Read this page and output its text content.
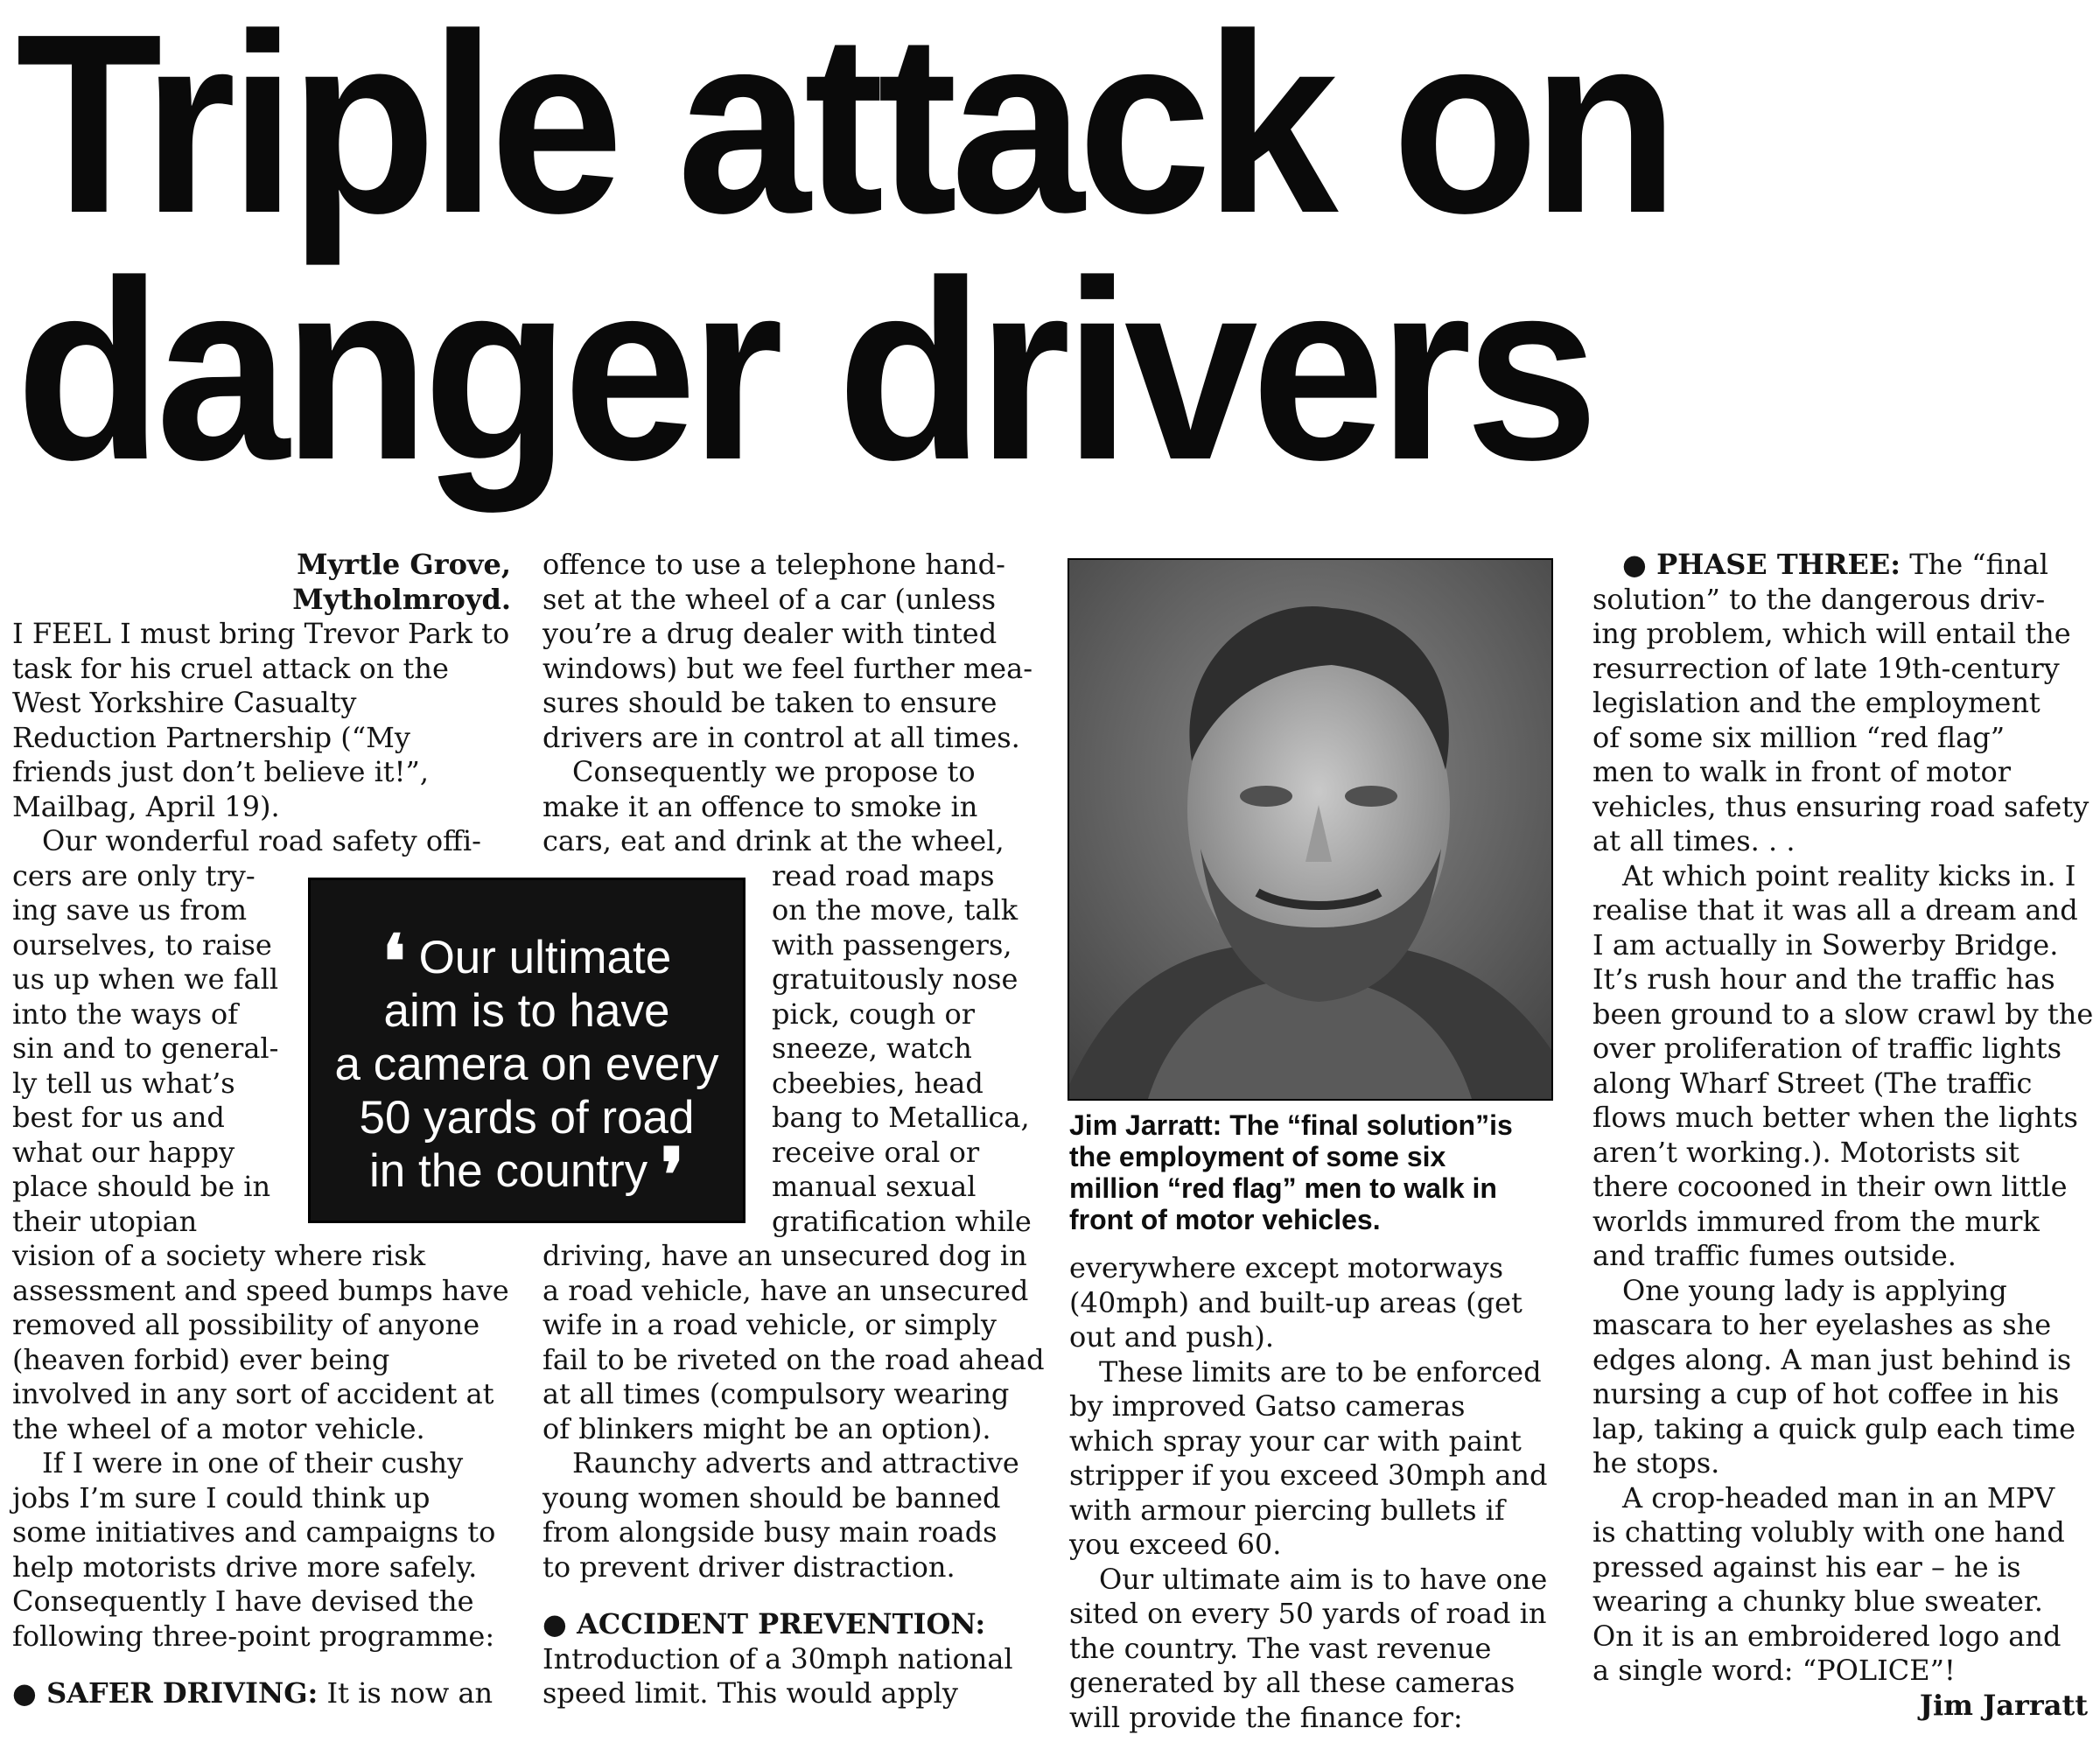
Triple attack on
danger drivers

Myrtle Grove,

Mytholmroyd.

I FEEL I must bring Trevor Park to

task for his cruel attack on the

West Yorkshire Casualty

Reduction Partnership (“My

friends just don’t believe it!”,

Mailbag, April 19).

Our wonderful road safety offi-

cers are only try-

ing save us from

ourselves, to raise

us up when we fall

into the ways of

sin and to general-

ly tell us what’s

best for us and

what our happy

place should be in

their utopian

vision of a society where risk

assessment and speed bumps have

removed all possibility of anyone

(heaven forbid) ever being

involved in any sort of accident at

the wheel of a motor vehicle.

If I were in one of their cushy

jobs I’m sure I could think up

some initiatives and campaigns to

help motorists drive more safely.

Consequently I have devised the

following three-point programme:

● SAFER DRIVING: It is now an

offence to use a telephone hand-

set at the wheel of a car (unless

you’re a drug dealer with tinted

windows) but we feel further mea-

sures should be taken to ensure

drivers are in control at all times.

Consequently we propose to

make it an offence to smoke in

cars, eat and drink at the wheel,

read road maps

on the move, talk

with passengers,

gratuitously nose

pick, cough or

sneeze, watch

cbeebies, head

bang to Metallica,

receive oral or

manual sexual

gratification while

driving, have an unsecured dog in

a road vehicle, have an unsecured

wife in a road vehicle, or simply

fail to be riveted on the road ahead

at all times (compulsory wearing

of blinkers might be an option).

Raunchy adverts and attractive

young women should be banned

from alongside busy main roads

to prevent driver distraction.

● ACCIDENT PREVENTION:

Introduction of a 30mph national

speed limit. This would apply

❛ Our ultimate

aim is to have

a camera on every

50 yards of road

in the country ❜

Jim Jarratt: The “final solution”is

the employment of some six

million “red flag” men to walk in

front of motor vehicles.

everywhere except motorways

(40mph) and built-up areas (get

out and push).

These limits are to be enforced

by improved Gatso cameras

which spray your car with paint

stripper if you exceed 30mph and

with armour piercing bullets if

you exceed 60.

Our ultimate aim is to have one

sited on every 50 yards of road in

the country. The vast revenue

generated by all these cameras

will provide the finance for:

● PHASE THREE: The “final

solution” to the dangerous driv-

ing problem, which will entail the

resurrection of late 19th-century

legislation and the employment

of some six million “red flag”

men to walk in front of motor

vehicles, thus ensuring road safety

at all times. . .

At which point reality kicks in. I

realise that it was all a dream and

I am actually in Sowerby Bridge.

It’s rush hour and the traffic has

been ground to a slow crawl by the

over proliferation of traffic lights

along Wharf Street (The traffic

flows much better when the lights

aren’t working.). Motorists sit

there cocooned in their own little

worlds immured from the murk

and traffic fumes outside.

One young lady is applying

mascara to her eyelashes as she

edges along. A man just behind is

nursing a cup of hot coffee in his

lap, taking a quick gulp each time

he stops.

A crop-headed man in an MPV

is chatting volubly with one hand

pressed against his ear – he is

wearing a chunky blue sweater.

On it is an embroidered logo and

a single word: “POLICE”!

Jim Jarratt
